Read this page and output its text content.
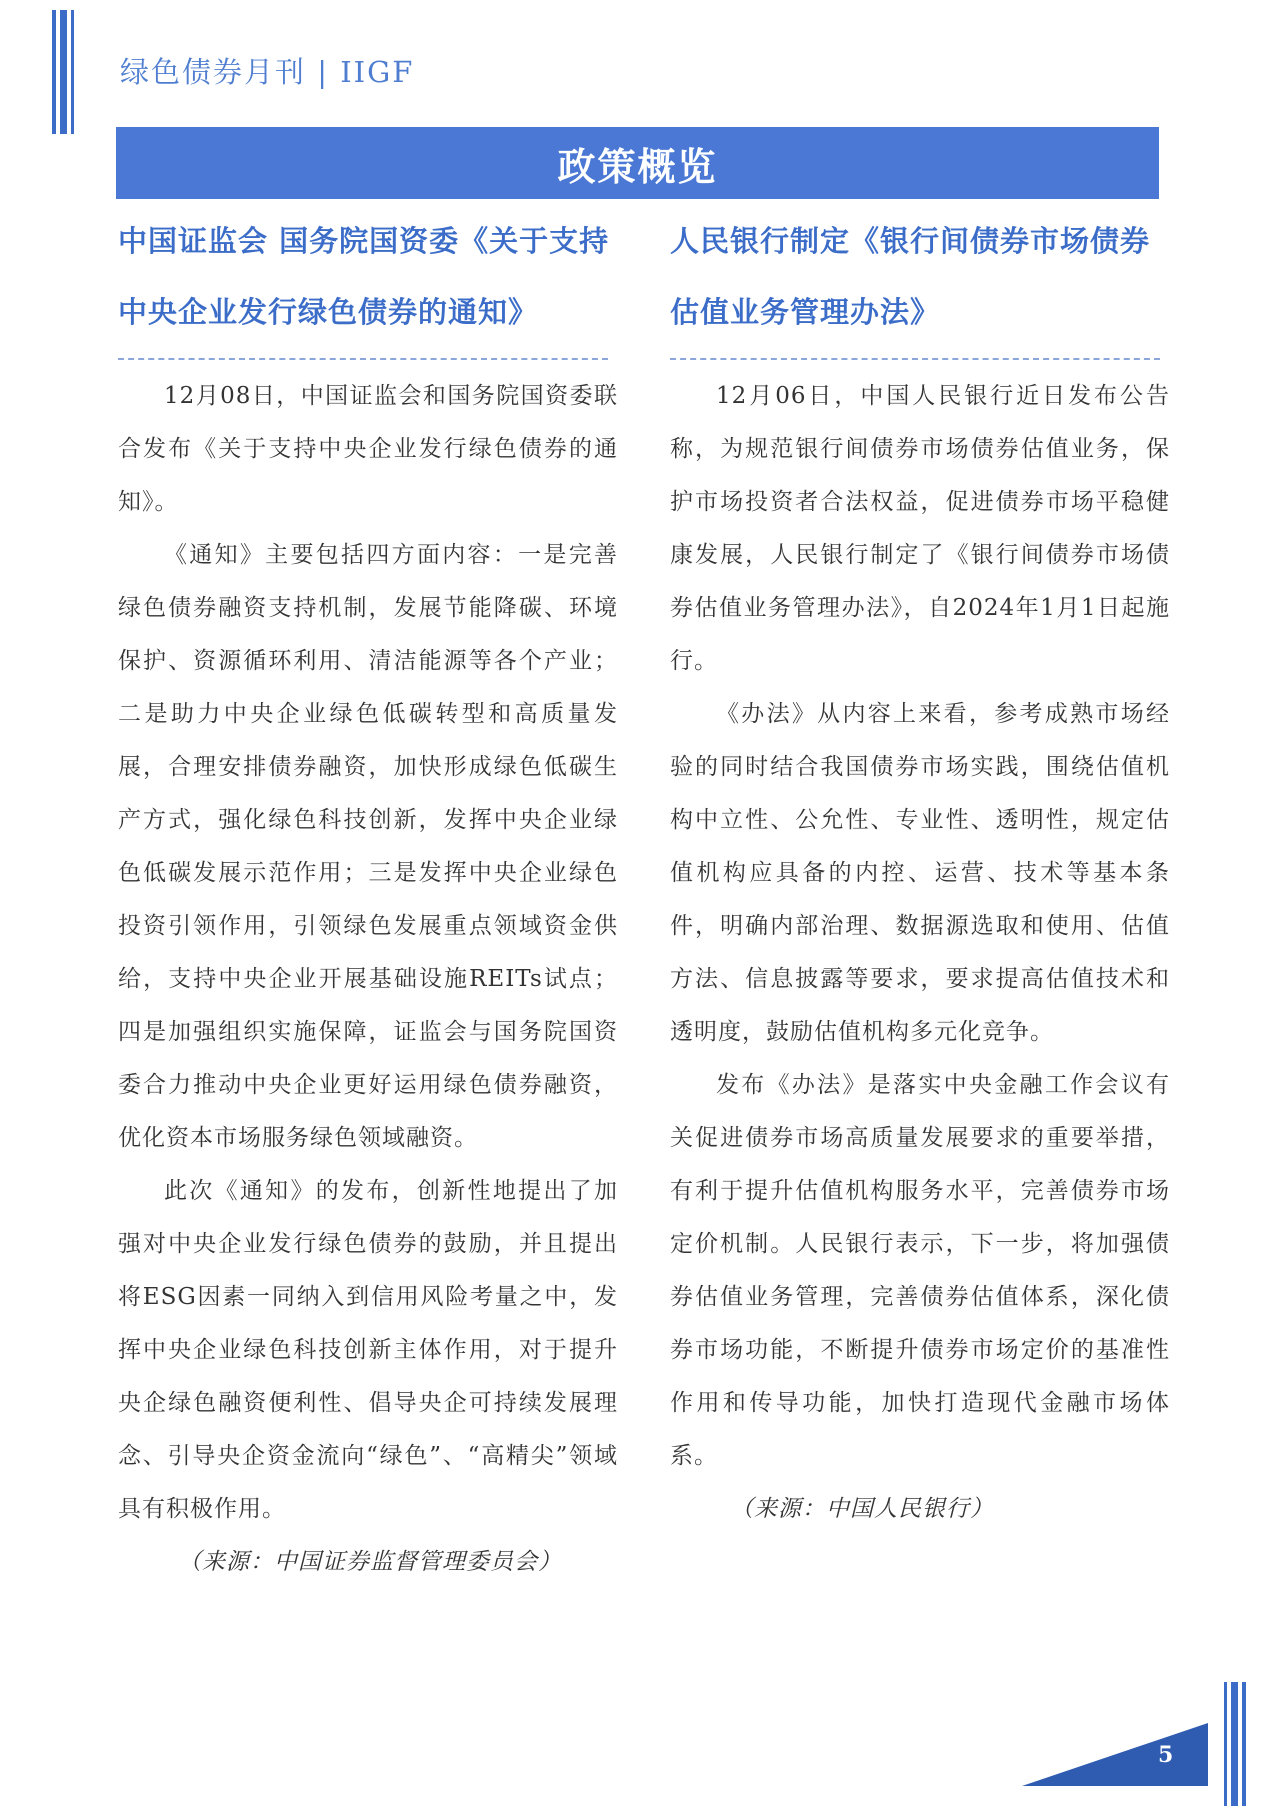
绿色债券月刊 | IIGF
政策概览
中国证监会 国务院国资委《关于支持中央企业发行绿色债券的通知》

12月08日，中国证监会和国务院国资委联合发布《关于支持中央企业发行绿色债券的通知》。

《通知》主要包括四方面内容：一是完善绿色债券融资支持机制，发展节能降碳、环境保护、资源循环利用、清洁能源等各个产业；二是助力中央企业绿色低碳转型和高质量发展，合理安排债券融资，加快形成绿色低碳生产方式，强化绿色科技创新，发挥中央企业绿色低碳发展示范作用；三是发挥中央企业绿色投资引领作用，引领绿色发展重点领域资金供给，支持中央企业开展基础设施REITs试点；四是加强组织实施保障，证监会与国务院国资委合力推动中央企业更好运用绿色债券融资，优化资本市场服务绿色领域融资。

此次《通知》的发布，创新性地提出了加强对中央企业发行绿色债券的鼓励，并且提出将ESG因素一同纳入到信用风险考量之中，发挥中央企业绿色科技创新主体作用，对于提升央企绿色融资便利性、倡导央企可持续发展理念、引导央企资金流向“绿色”、“高精尖”领域具有积极作用。

（来源：中国证券监督管理委员会）

人民银行制定《银行间债券市场债券估值业务管理办法》

12月06日，中国人民银行近日发布公告称，为规范银行间债券市场债券估值业务，保护市场投资者合法权益，促进债券市场平稳健康发展，人民银行制定了《银行间债券市场债券估值业务管理办法》，自2024年1月1日起施行。

《办法》从内容上来看，参考成熟市场经验的同时结合我国债券市场实践，围绕估值机构中立性、公允性、专业性、透明性，规定估值机构应具备的内控、运营、技术等基本条件，明确内部治理、数据源选取和使用、估值方法、信息披露等要求，要求提高估值技术和透明度，鼓励估值机构多元化竞争。

发布《办法》是落实中央金融工作会议有关促进债券市场高质量发展要求的重要举措，有利于提升估值机构服务水平，完善债券市场定价机制。人民银行表示，下一步，将加强债券估值业务管理，完善债券估值体系，深化债券市场功能，不断提升债券市场定价的基准性作用和传导功能，加快打造现代金融市场体系。

（来源：中国人民银行）

5
